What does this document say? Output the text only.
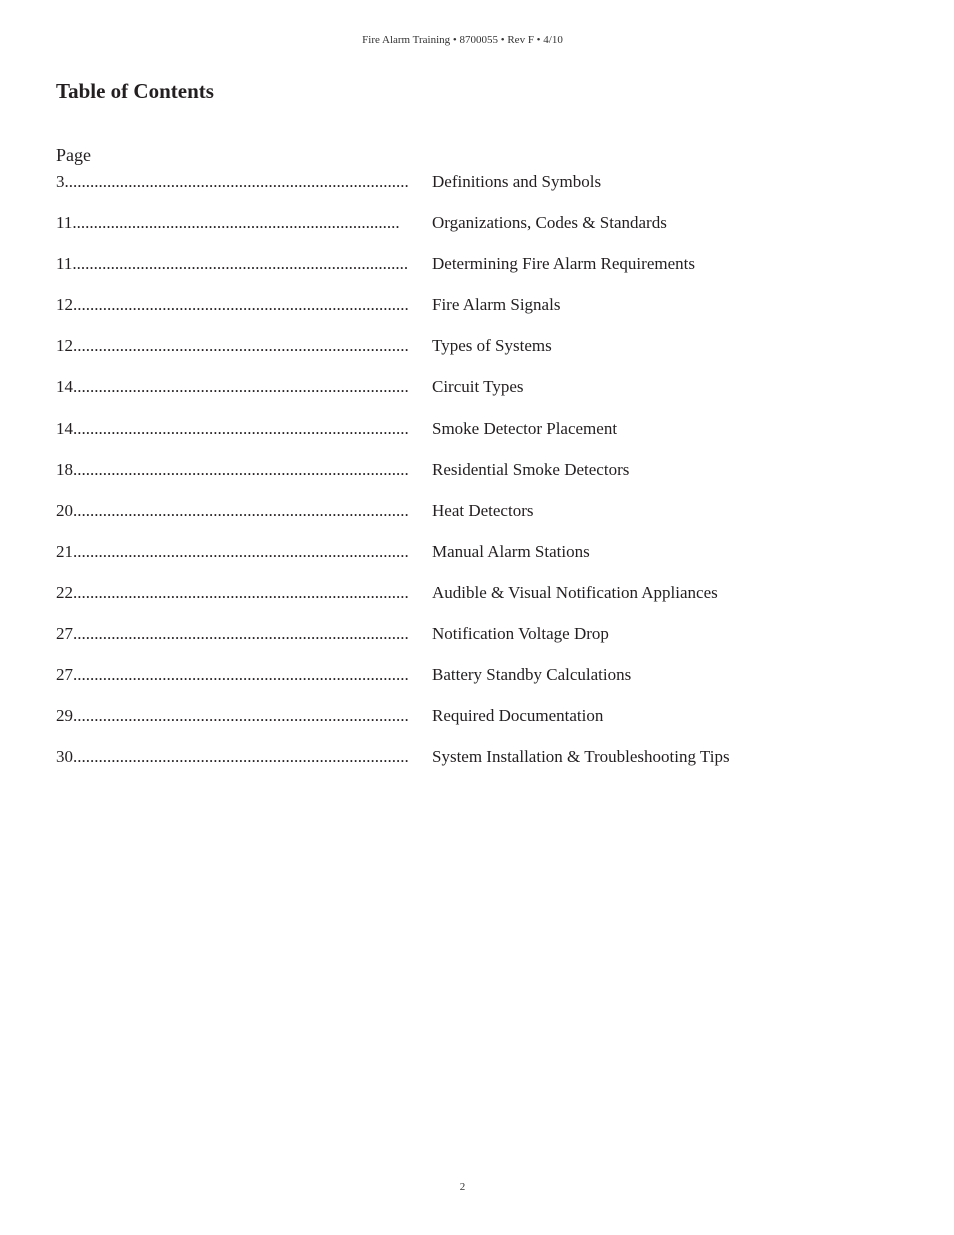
Fire Alarm Training • 8700055 • Rev F • 4/10
Table of Contents
Page
3.................................................................................	Definitions and Symbols
11.............................................................................	Organizations, Codes & Standards
11...............................................................................	Determining Fire Alarm Requirements
12...............................................................................	Fire Alarm Signals
12...............................................................................	Types of Systems
14...............................................................................	Circuit Types
14...............................................................................	Smoke Detector Placement
18...............................................................................	Residential Smoke Detectors
20...............................................................................	Heat Detectors
21...............................................................................	Manual Alarm Stations
22...............................................................................	Audible & Visual Notification Appliances
27...............................................................................	Notification Voltage Drop
27...............................................................................	Battery Standby Calculations
29...............................................................................	Required Documentation
30...............................................................................	System Installation & Troubleshooting Tips
2
